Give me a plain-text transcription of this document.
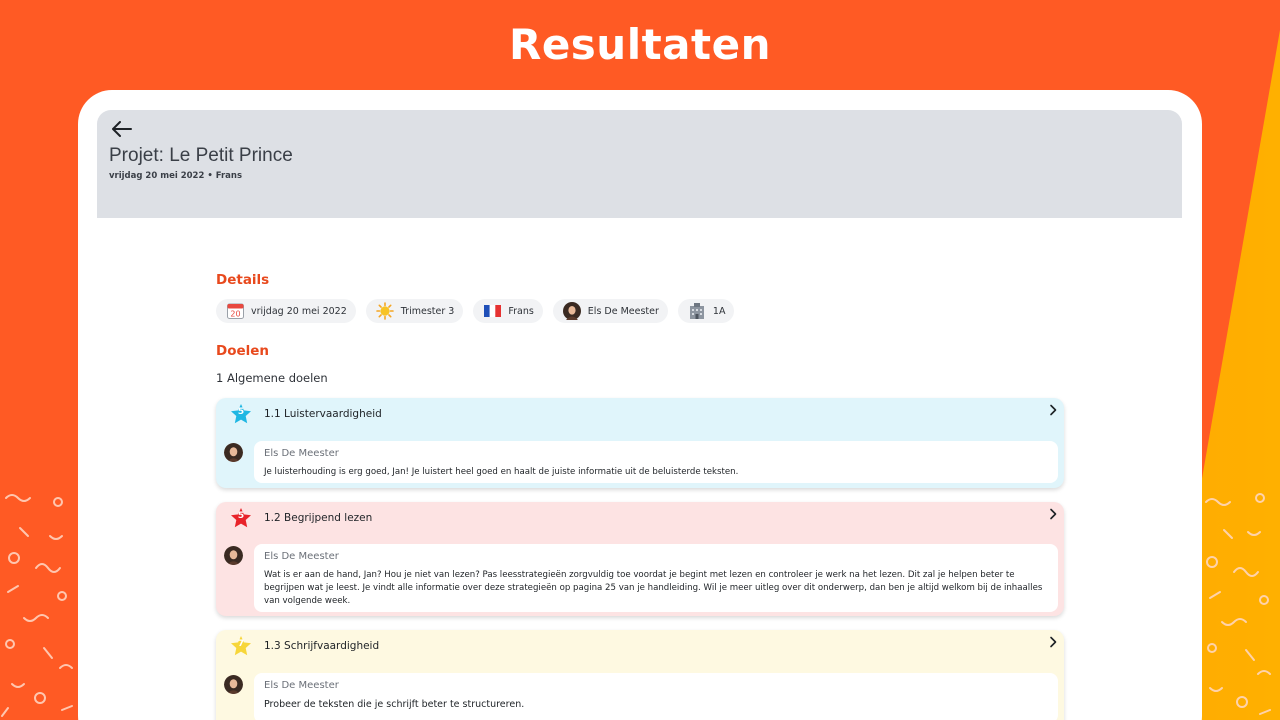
Resultaten
Projet: Le Petit Prince
vrijdag 20 mei 2022 • Frans
Details
20 vrijdag 20 mei 2022	Trimester 3	Frans	Els De Meester	1A
Doelen
1 Algemene doelen
5	1.1 Luistervaardigheid
Els De Meester
Je luisterhouding is erg goed, Jan! Je luistert heel goed en haalt de juiste informatie uit de beluisterde teksten.
5	1.2 Begrijpend lezen
Els De Meester
Wat is er aan de hand, Jan? Hou je niet van lezen? Pas leesstrategieën zorgvuldig toe voordat je begint met lezen en controleer je werk na het lezen. Dit zal je helpen beter te begrijpen wat je leest. Je vindt alle informatie over deze strategieën op pagina 25 van je handleiding. Wil je meer uitleg over dit onderwerp, dan ben je altijd welkom bij de inhaalles van volgende week.
7	1.3 Schrijfvaardigheid
Els De Meester
Probeer de teksten die je schrijft beter te structureren.
